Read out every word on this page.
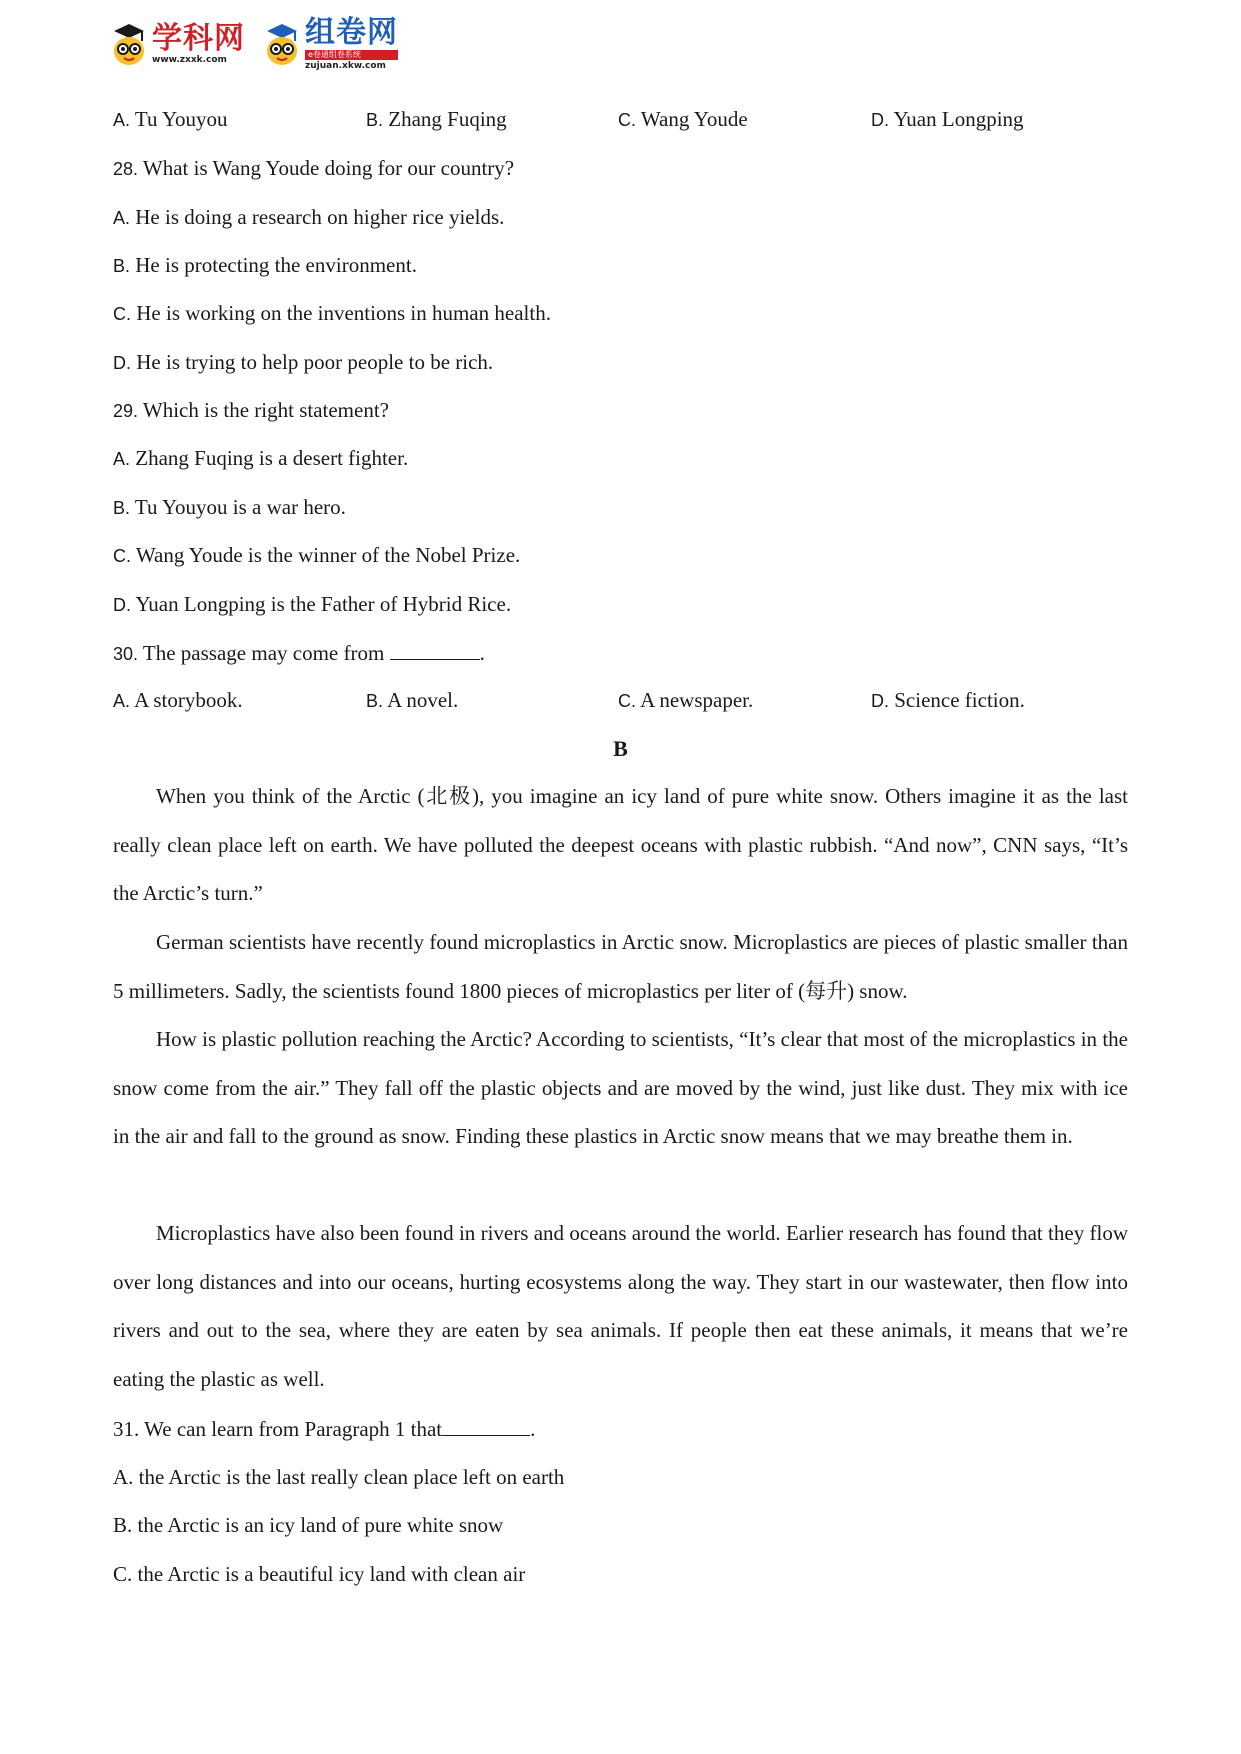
学科网
www.zxxk.com
组卷网
e卷通组卷系统
zujuan.xkw.com
A. Tu Youyou	B. Zhang Fuqing	C. Wang Youde	D. Yuan Longping
28. What is Wang Youde doing for our country?
A. He is doing a research on higher rice yields.
B. He is protecting the environment.
C. He is working on the inventions in human health.
D. He is trying to help poor people to be rich.
29. Which is the right statement?
A. Zhang Fuqing is a desert fighter.
B. Tu Youyou is a war hero.
C. Wang Youde is the winner of the Nobel Prize.
D. Yuan Longping is the Father of Hybrid Rice.
30. The passage may come from	.
A. A storybook.	B. A novel.	C. A newspaper.	D. Science fiction.
B
When you think of the Arctic (北极), you imagine an icy land of pure white snow. Others imagine it as the last really clean place left on earth. We have polluted the deepest oceans with plastic rubbish. “And now”, CNN says, “It’s the Arctic’s turn.”
German scientists have recently found microplastics in Arctic snow. Microplastics are pieces of plastic smaller than 5 millimeters. Sadly, the scientists found 1800 pieces of microplastics per liter of (每升) snow.
How is plastic pollution reaching the Arctic? According to scientists, “It’s clear that most of the microplastics in the snow come from the air.” They fall off the plastic objects and are moved by the wind, just like dust. They mix with ice in the air and fall to the ground as snow. Finding these plastics in Arctic snow means that we may breathe them in.
Microplastics have also been found in rivers and oceans around the world. Earlier research has found that they flow over long distances and into our oceans, hurting ecosystems along the way. They start in our wastewater, then flow into rivers and out to the sea, where they are eaten by sea animals. If people then eat these animals, it means that we’re eating the plastic as well.
31. We can learn from Paragraph 1 that	.
A. the Arctic is the last really clean place left on earth
B. the Arctic is an icy land of pure white snow
C. the Arctic is a beautiful icy land with clean air
